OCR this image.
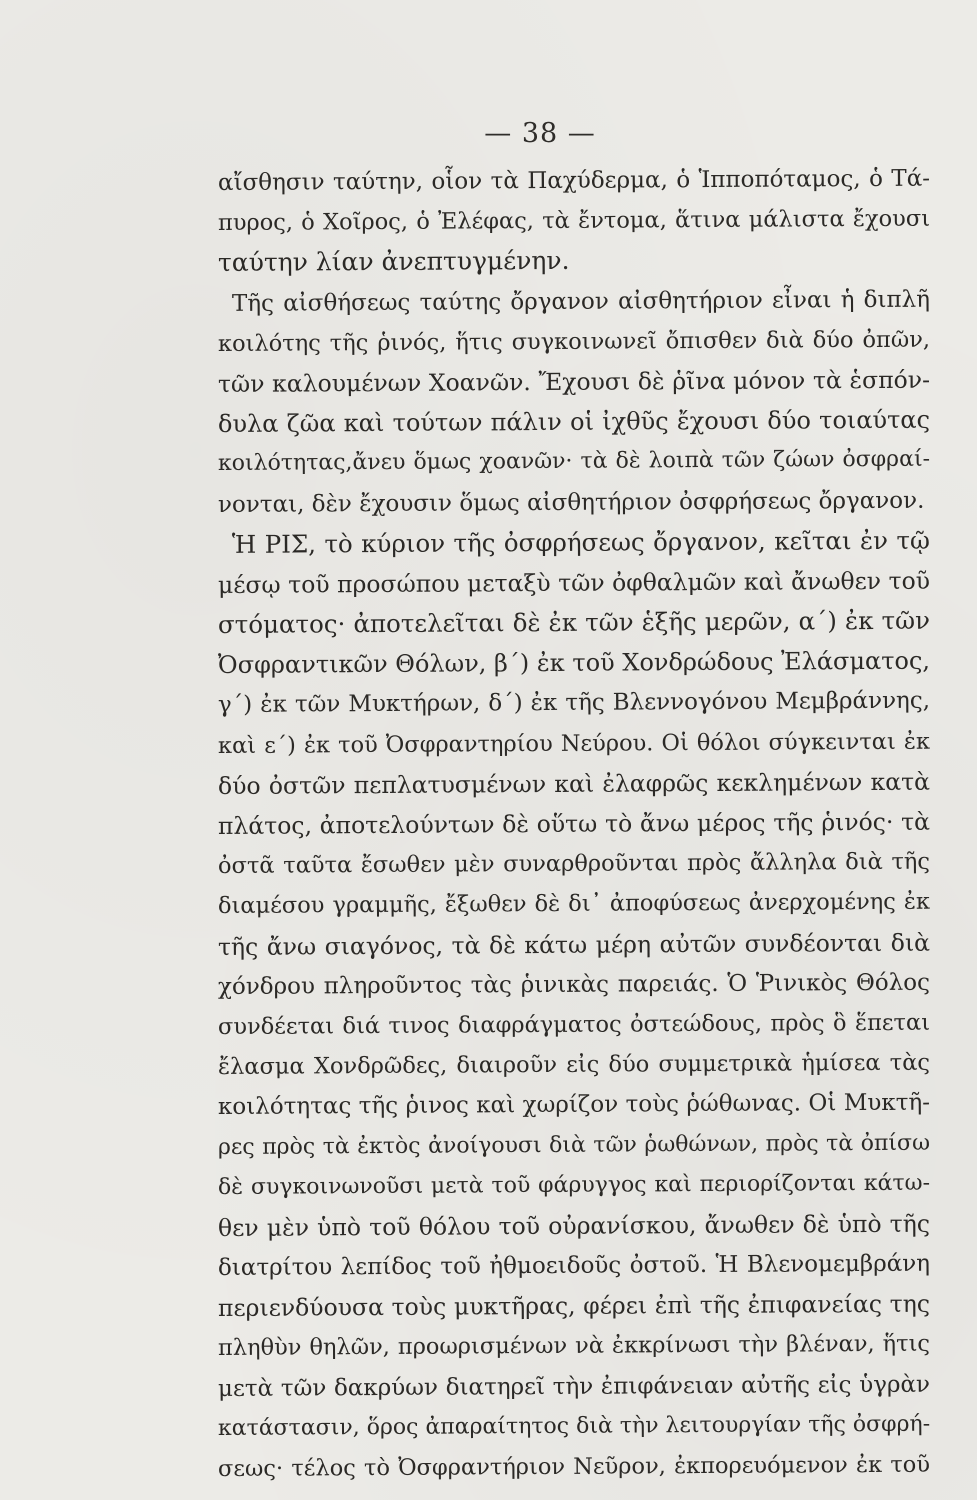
— 38 —
αἴσθησιν ταύτην, οἷον τὰ Παχύδερμα, ὁ Ἱπποπόταμος, ὁ Τά-
πυρος, ὁ Χοῖρος, ὁ Ἐλέφας, τὰ ἔντομα, ἅτινα μάλιστα ἔχουσι
ταύτην λίαν ἀνεπτυγμένην.
Τῆς αἰσθήσεως ταύτης ὄργανον αἰσθητήριον εἶναι ἡ διπλῆ
κοιλότης τῆς ῥινός, ἥτις συγκοινωνεῖ ὄπισθεν διὰ δύο ὀπῶν,
τῶν καλουμένων Χοανῶν. Ἔχουσι δὲ ῥῖνα μόνον τὰ ἑσπόν-
δυλα ζῶα καὶ τούτων πάλιν οἱ ἰχθῦς ἔχουσι δύο τοιαύτας
κοιλότητας,ἄνευ ὅμως χοανῶν· τὰ δὲ λοιπὰ τῶν ζώων ὀσφραί-
νονται, δὲν ἔχουσιν ὅμως αἰσθητήριον ὀσφρήσεως ὄργανον.
Ἡ ΡΙΣ, τὸ κύριον τῆς ὀσφρήσεως ὄργανον, κεῖται ἐν τῷ
μέσῳ τοῦ προσώπου μεταξὺ τῶν ὀφθαλμῶν καὶ ἄνωθεν τοῦ
στόματος· ἀποτελεῖται δὲ ἐκ τῶν ἑξῆς μερῶν, α΄) ἐκ τῶν
Ὀσφραντικῶν Θόλων, β΄) ἐκ τοῦ Χονδρώδους Ἐλάσματος,
γ΄) ἐκ τῶν Μυκτήρων, δ΄) ἐκ τῆς Βλεννογόνου Μεμβράννης,
καὶ ε΄) ἐκ τοῦ Ὀσφραντηρίου Νεύρου. Οἱ θόλοι σύγκεινται ἐκ
δύο ὀστῶν πεπλατυσμένων καὶ ἐλαφρῶς κεκλημένων κατὰ
πλάτος, ἀποτελούντων δὲ οὕτω τὸ ἄνω μέρος τῆς ῥινός· τὰ
ὀστᾶ ταῦτα ἔσωθεν μὲν συναρθροῦνται πρὸς ἄλληλα διὰ τῆς
διαμέσου γραμμῆς, ἔξωθεν δὲ δι᾽ ἀποφύσεως ἀνερχομένης ἐκ
τῆς ἄνω σιαγόνος, τὰ δὲ κάτω μέρη αὐτῶν συνδέονται διὰ
χόνδρου πληροῦντος τὰς ῥινικὰς παρειάς. Ὁ Ῥινικὸς Θόλος
συνδέεται διά τινος διαφράγματος ὀστεώδους, πρὸς ὃ ἕπεται
ἔλασμα Χονδρῶδες, διαιροῦν εἰς δύο συμμετρικὰ ἡμίσεα τὰς
κοιλότητας τῆς ῥινος καὶ χωρίζον τοὺς ῥώθωνας. Οἱ Μυκτῆ-
ρες πρὸς τὰ ἐκτὸς ἀνοίγουσι διὰ τῶν ῥωθώνων, πρὸς τὰ ὀπίσω
δὲ συγκοινωνοῦσι μετὰ τοῦ φάρυγγος καὶ περιορίζονται κάτω-
θεν μὲν ὑπὸ τοῦ θόλου τοῦ οὐρανίσκου, ἄνωθεν δὲ ὑπὸ τῆς
διατρίτου λεπίδος τοῦ ἠθμοειδοῦς ὀστοῦ. Ἡ Βλενομεμβράνη
περιενδύουσα τοὺς μυκτῆρας, φέρει ἐπὶ τῆς ἐπιφανείας της
πληθὺν θηλῶν, προωρισμένων νὰ ἐκκρίνωσι τὴν βλέναν, ἥτις
μετὰ τῶν δακρύων διατηρεῖ τὴν ἐπιφάνειαν αὐτῆς εἰς ὑγρὰν
κατάστασιν, ὅρος ἀπαραίτητος διὰ τὴν λειτουργίαν τῆς ὀσφρή-
σεως· τέλος τὸ Ὀσφραντήριον Νεῦρον, ἐκπορευόμενον ἐκ τοῦ
